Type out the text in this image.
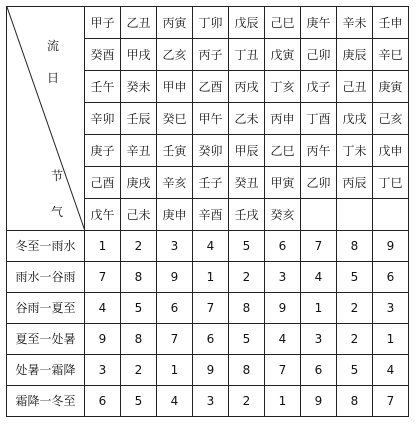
流
日
节
气	甲子	乙丑	丙寅	丁卯	戊辰	己巳	庚午	辛未	壬申
	癸酉	甲戌	乙亥	丙子	丁丑	戊寅	己卯	庚辰	辛巳
	壬午	癸未	甲申	乙酉	丙戌	丁亥	戊子	己丑	庚寅
	辛卯	壬辰	癸巳	甲午	乙未	丙申	丁酉	戊戌	己亥
	庚子	辛丑	壬寅	癸卯	甲辰	乙巳	丙午	丁未	戊申
	己酉	庚戌	辛亥	壬子	癸丑	甲寅	乙卯	丙辰	丁巳
	戊午	己未	庚申	辛酉	壬戌	癸亥			
冬至一雨水	1	2	3	4	5	6	7	8	9
雨水一谷雨	7	8	9	1	2	3	4	5	6
谷雨一夏至	4	5	6	7	8	9	1	2	3
夏至一处暑	9	8	7	6	5	4	3	2	1
处暑一霜降	3	2	1	9	8	7	6	5	4
霜降一冬至	6	5	4	3	2	1	9	8	7
